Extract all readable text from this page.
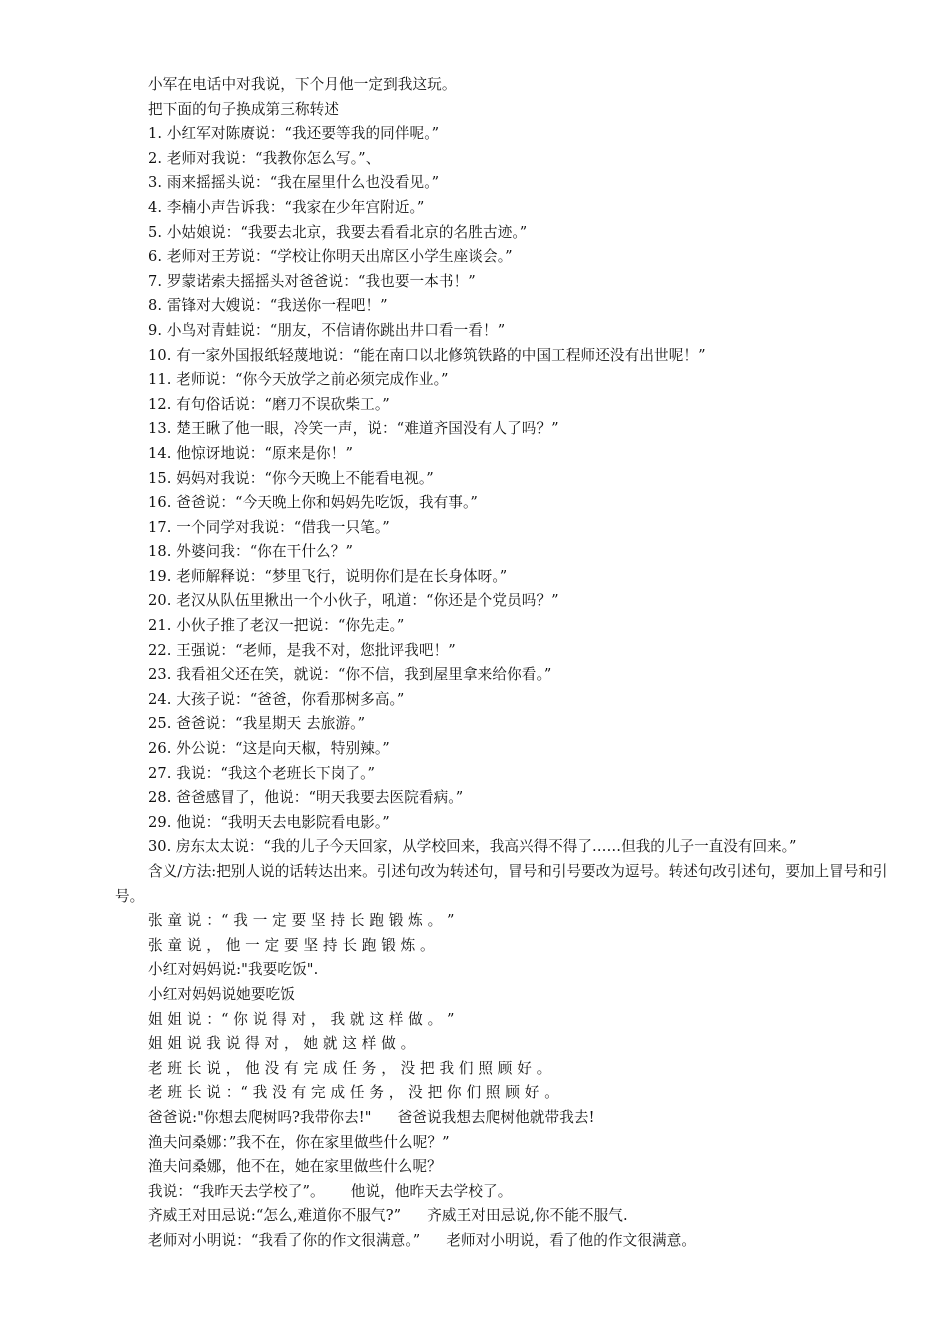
小军在电话中对我说，下个月他一定到我这玩。
把下面的句子换成第三称转述
1. 小红军对陈赓说：“我还要等我的同伴呢。”
2. 老师对我说：“我教你怎么写。”、
3. 雨来摇摇头说：“我在屋里什么也没看见。”
4. 李楠小声告诉我：“我家在少年宫附近。”
5. 小姑娘说：“我要去北京，我要去看看北京的名胜古迹。”
6. 老师对王芳说：“学校让你明天出席区小学生座谈会。”
7. 罗蒙诺索夫摇摇头对爸爸说：“我也要一本书！”
8. 雷锋对大嫂说：“我送你一程吧！”
9. 小鸟对青蛙说：“朋友，不信请你跳出井口看一看！”
10. 有一家外国报纸轻蔑地说：“能在南口以北修筑铁路的中国工程师还没有出世呢！”
11. 老师说：“你今天放学之前必须完成作业。”
12. 有句俗话说：“磨刀不误砍柴工。”
13. 楚王瞅了他一眼，冷笑一声，说：“难道齐国没有人了吗？”
14. 他惊讶地说：“原来是你！”
15. 妈妈对我说：“你今天晚上不能看电视。”
16. 爸爸说：“今天晚上你和妈妈先吃饭，我有事。”
17. 一个同学对我说：“借我一只笔。”
18. 外婆问我：“你在干什么？”
19. 老师解释说：“梦里飞行，说明你们是在长身体呀。”
20. 老汉从队伍里揪出一个小伙子，吼道：“你还是个党员吗？”
21. 小伙子推了老汉一把说：“你先走。”
22. 王强说：“老师，是我不对，您批评我吧！”
23. 我看祖父还在笑，就说：“你不信，我到屋里拿来给你看。”
24. 大孩子说：“爸爸，你看那树多高。”
25. 爸爸说：“我星期天 去旅游。”
26. 外公说：“这是向天椒，特别辣。”
27. 我说：“我这个老班长下岗了。”
28. 爸爸感冒了，他说：“明天我要去医院看病。”
29. 他说：“我明天去电影院看电影。”
30. 房东太太说：“我的儿子今天回家，从学校回来，我高兴得不得了……但我的儿子一直没有回来。”
含义/方法:把别人说的话转达出来。引述句改为转述句，冒号和引号要改为逗号。转述句改引述句，要加上冒号和引号。
张 童 说 ：“ 我 一 定 要 坚 持 长 跑 锻 炼 。 ”
张 童 说 ， 他 一 定 要 坚 持 长 跑 锻 炼 。
小红对妈妈说:"我要吃饭".
小红对妈妈说她要吃饭
姐 姐 说 ：“ 你 说 得 对 ， 我 就 这 样 做 。 ”
姐 姐 说 我 说 得 对 ， 她 就 这 样 做 。
老 班 长 说 ， 他 没 有 完 成 任 务 ， 没 把 我 们 照 顾 好 。
老 班 长 说 ：“ 我 没 有 完 成 任 务 ， 没 把 你 们 照 顾 好 。
爸爸说:"你想去爬树吗?我带你去!" 爸爸说我想去爬树他就带我去!
渔夫问桑娜：”我不在，你在家里做些什么呢？”
渔夫问桑娜，他不在，她在家里做些什么呢？
我说：“我昨天去学校了”。 他说，他昨天去学校了。
齐威王对田忌说:“怎么,难道你不服气?” 齐威王对田忌说,你不能不服气.
老师对小明说：“我看了你的作文很满意。” 老师对小明说，看了他的作文很满意。
